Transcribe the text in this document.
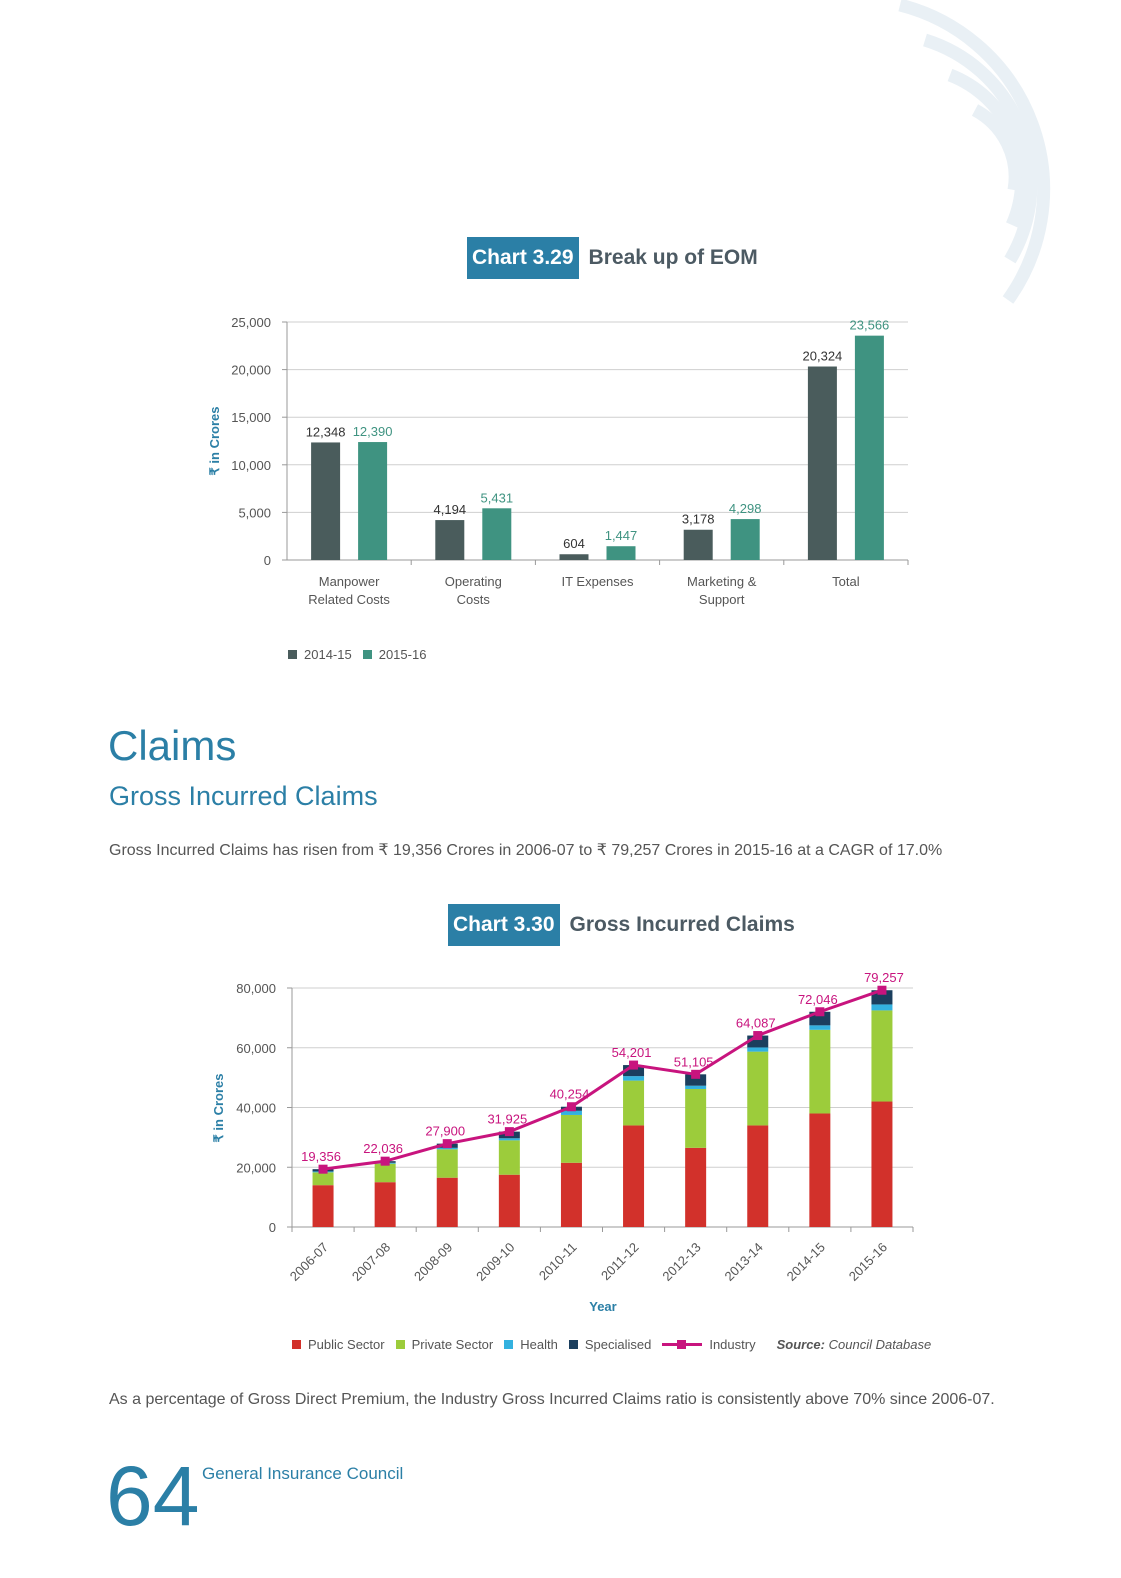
Chart 3.29 Break up of EOM
0
5,000
10,000
15,000
20,000
25,000
₹ in Crores	12,348 12,390
Manpower
Related Costs
4,194
5,431
Operating
Costs
604
1,447
IT Expenses
3,178
4,298
Marketing &
Support
20,324
23,566
Total
2014-15 2015-16
Claims
Gross Incurred Claims
Gross Incurred Claims has risen from ₹ 19,356 Crores in 2006-07 to ₹ 79,257 Crores in 2015-16 at a CAGR of 17.0%
Chart 3.30 Gross Incurred Claims
0
20,000
40,000
60,000
80,000
₹ in Crores
Year
2006-07 2007-08 2008-09 2009-10 2010-11 2011-12 2012-13 2013-14 2014-15 2015-16
19,356
22,036
27,900
31,925
40,254
54,201
51,105
64,087
72,046
79,257
Public Sector Private Sector Health Specialised	Industry Source: Council Database
As a percentage of Gross Direct Premium, the Industry Gross Incurred Claims ratio is consistently above 70% since 2006-07.
64 General Insurance Council
